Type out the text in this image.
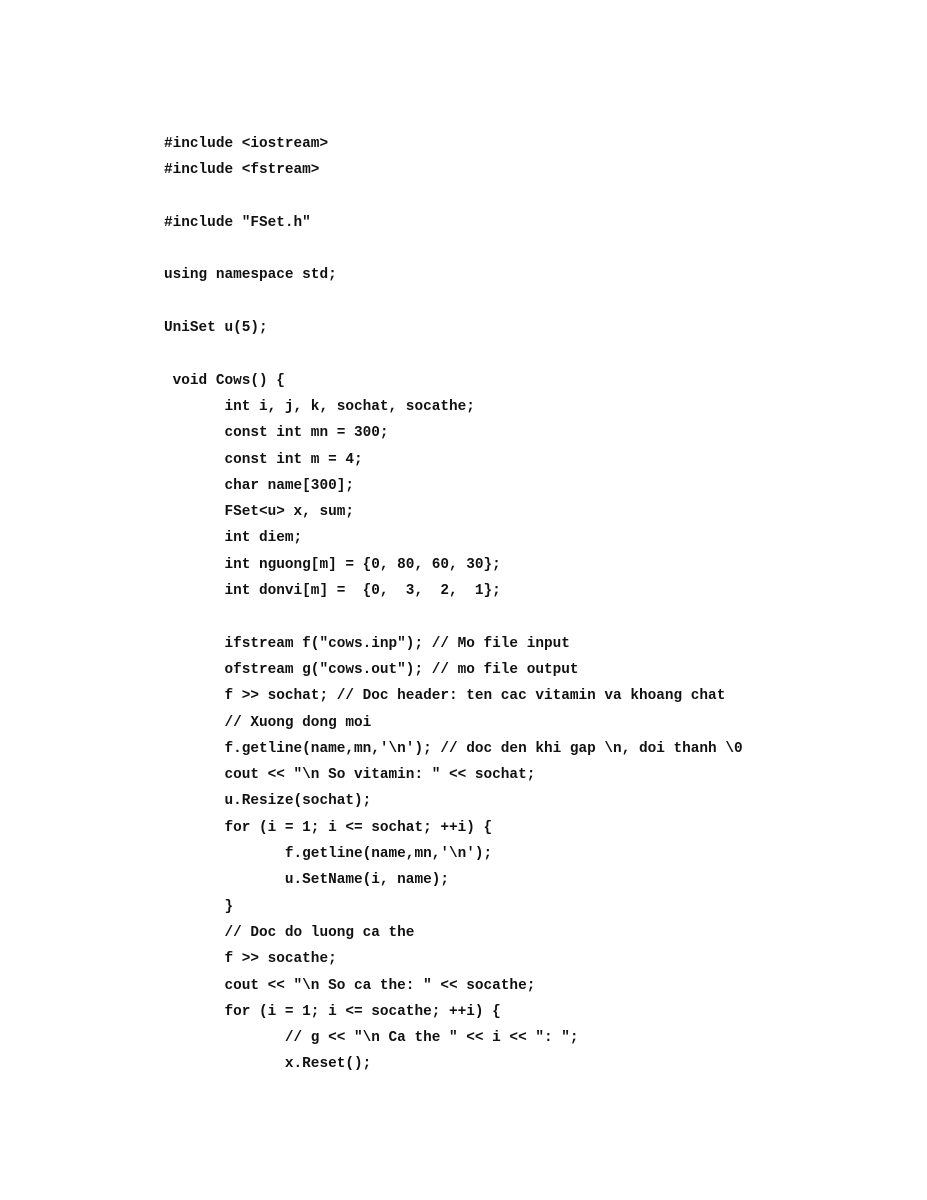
#include <iostream>
#include <fstream>
#include "FSet.h"
using namespace std;
UniSet u(5);
void Cows() {
int i, j, k, sochat, socathe;
const int mn = 300;
const int m = 4;
char name[300];
FSet<u> x, sum;
int diem;
int nguong[m] = {0, 80, 60, 30};
int donvi[m] =  {0,  3,  2,  1};
ifstream f("cows.inp"); // Mo file input
ofstream g("cows.out"); // mo file output
f >> sochat; // Doc header: ten cac vitamin va khoang chat
// Xuong dong moi
f.getline(name,mn,'\n'); // doc den khi gap \n, doi thanh \0
cout << "\n So vitamin: " << sochat;
u.Resize(sochat);
for (i = 1; i <= sochat; ++i) {
f.getline(name,mn,'\n');
u.SetName(i, name);
}
// Doc do luong ca the
f >> socathe;
cout << "\n So ca the: " << socathe;
for (i = 1; i <= socathe; ++i) {
// g << "\n Ca the " << i << ": ";
x.Reset();
